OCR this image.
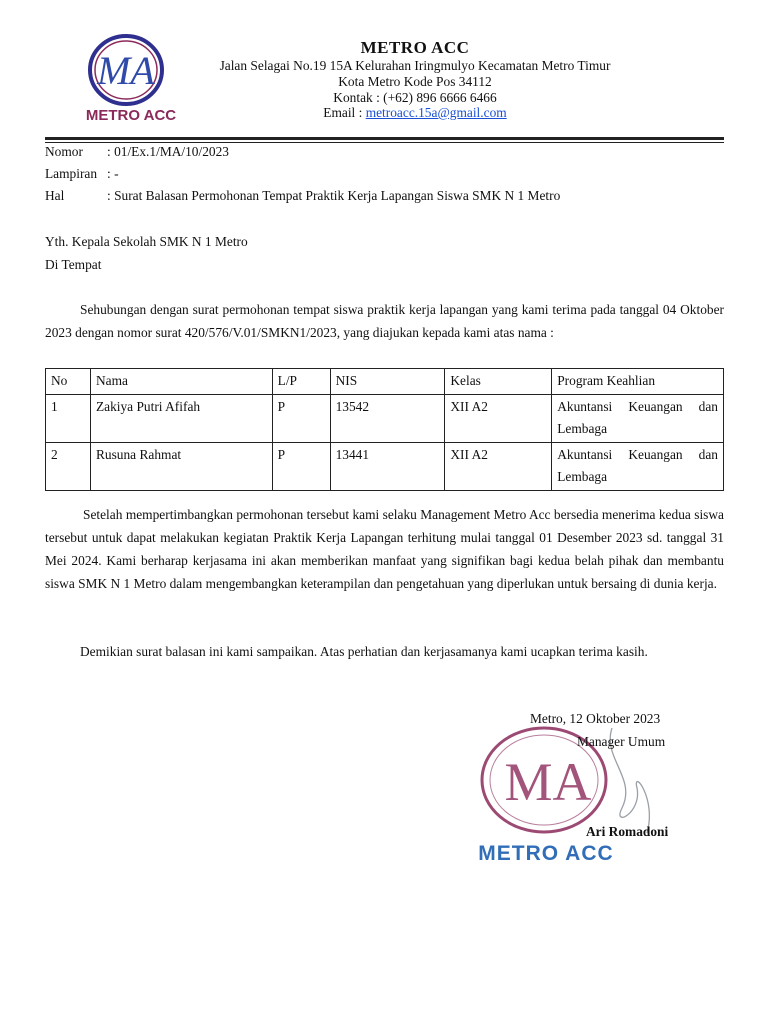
MA
METRO ACC
METRO ACC
Jalan Selagai No.19 15A Kelurahan Iringmulyo Kecamatan Metro Timur
Kota Metro Kode Pos 34112
Kontak : (+62) 896 6666 6466
Email : metroacc.15a@gmail.com
Nomor : 01/Ex.1/MA/10/2023
Lampiran : -
Hal	: Surat Balasan Permohonan Tempat Praktik Kerja Lapangan Siswa SMK N 1 Metro
Yth. Kepala Sekolah SMK N 1 Metro
Di Tempat
Sehubungan dengan surat permohonan tempat siswa praktik kerja lapangan yang kami terima pada tanggal 04 Oktober 2023 dengan nomor surat 420/576/V.01/SMKN1/2023, yang diajukan kepada kami atas nama :
No	Nama	L/P	NIS	Kelas	Program Keahlian
1	Zakiya Putri Afifah	P	13542	XII A2	Akuntansi Keuangan dan Lembaga
2	Rusuna Rahmat	P	13441	XII A2	Akuntansi Keuangan dan Lembaga
Setelah mempertimbangkan permohonan tersebut kami selaku Management Metro Acc bersedia menerima kedua siswa tersebut untuk dapat melakukan kegiatan Praktik Kerja Lapangan terhitung mulai tanggal 01 Desember 2023 sd. tanggal 31 Mei 2024. Kami berharap kerjasama ini akan memberikan manfaat yang signifikan bagi kedua belah pihak dan membantu siswa SMK N 1 Metro dalam mengembangkan keterampilan dan pengetahuan yang diperlukan untuk bersaing di dunia kerja.
Demikian surat balasan ini kami sampaikan. Atas perhatian dan kerjasamanya kami ucapkan terima kasih.
Metro, 12 Oktober 2023
MA
METRO ACC
Manager Umum
Ari Romadoni
